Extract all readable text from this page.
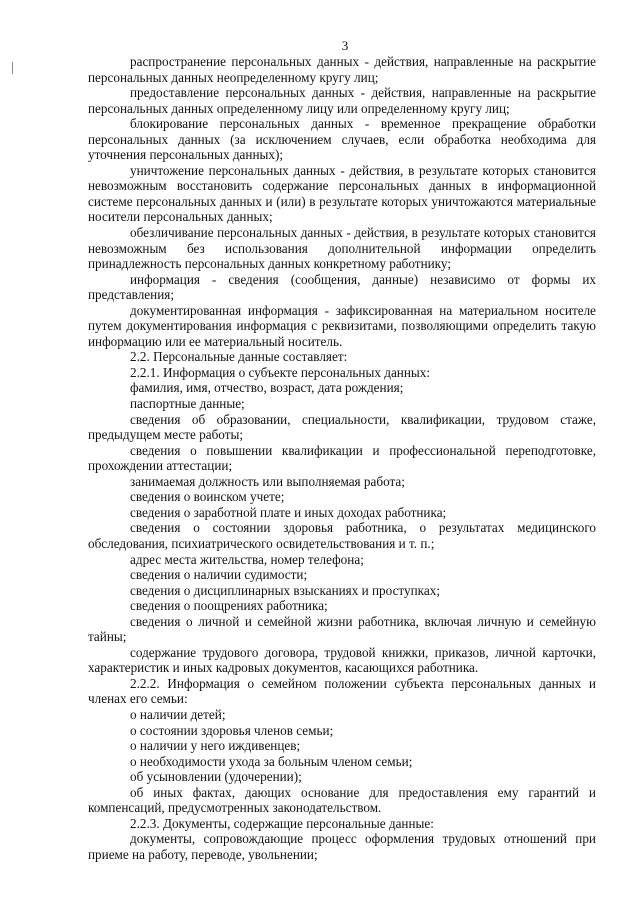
3

распространение персональных данных - действия, направленные на раскрытие персональных данных неопределенному кругу лиц;

предоставление персональных данных - действия, направленные на раскрытие персональных данных определенному лицу или определенному кругу лиц;

блокирование персональных данных - временное прекращение обработки персональных данных (за исключением случаев, если обработка необходима для уточнения персональных данных);

уничтожение персональных данных - действия, в результате которых становится невозможным восстановить содержание персональных данных в информационной системе персональных данных и (или) в результате которых уничтожаются материальные носители персональных данных;

обезличивание персональных данных - действия, в результате которых становится невозможным без использования дополнительной информации определить принадлежность персональных данных конкретному работнику;

информация - сведения (сообщения, данные) независимо от формы их представления;

документированная информация - зафиксированная на материальном носителе путем документирования информация с реквизитами, позволяющими определить такую информацию или ее материальный носитель.

2.2. Персональные данные составляет:

2.2.1. Информация о субъекте персональных данных:

фамилия, имя, отчество, возраст, дата рождения;

паспортные данные;

сведения об образовании, специальности, квалификации, трудовом стаже, предыдущем месте работы;

сведения о повышении квалификации и профессиональной переподготовке, прохождении аттестации;

занимаемая должность или выполняемая работа;

сведения о воинском учете;

сведения о заработной плате и иных доходах работника;

сведения о состоянии здоровья работника, о результатах медицинского обследования, психиатрического освидетельствования и т. п.;

адрес места жительства, номер телефона;

сведения о наличии судимости;

сведения о дисциплинарных взысканиях и проступках;

сведения о поощрениях работника;

сведения о личной и семейной жизни работника, включая личную и семейную тайны;

содержание трудового договора, трудовой книжки, приказов, личной карточки, характеристик и иных кадровых документов, касающихся работника.

2.2.2. Информация о семейном положении субъекта персональных данных и членах его семьи:

о наличии детей;

о состоянии здоровья членов семьи;

о наличии у него иждивенцев;

о необходимости ухода за больным членом семьи;

об усыновлении (удочерении);

об иных фактах, дающих основание для предоставления ему гарантий и компенсаций, предусмотренных законодательством.

2.2.3. Документы, содержащие персональные данные:

документы, сопровождающие процесс оформления трудовых отношений при приеме на работу, переводе, увольнении;
